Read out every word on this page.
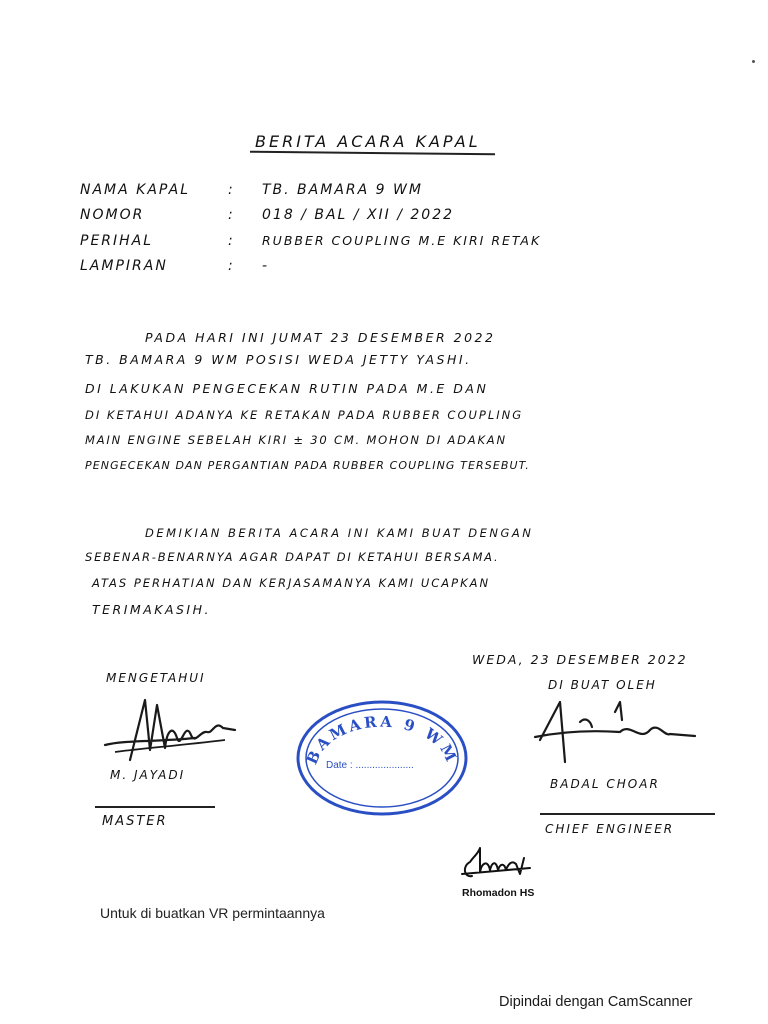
BERITA ACARA KAPAL
NAMA KAPAL	: TB. BAMARA 9 WM
NOMOR	: 018 / BAL / XII / 2022
PERIHAL	: RUBBER COUPLING M.E KIRI RETAK
LAMPIRAN	: -
PADA HARI INI JUMAT 23 DESEMBER 2022
TB. BAMARA 9 WM POSISI WEDA JETTY YASHI.
DI LAKUKAN PENGECEKAN RUTIN PADA M.E DAN
DI KETAHUI ADANYA KE RETAKAN PADA RUBBER COUPLING
MAIN ENGINE SEBELAH KIRI ± 30 CM. MOHON DI ADAKAN
PENGECEKAN DAN PERGANTIAN PADA RUBBER COUPLING TERSEBUT.
DEMIKIAN BERITA ACARA INI KAMI BUAT DENGAN
SEBENAR-BENARNYA AGAR DAPAT DI KETAHUI BERSAMA.
ATAS PERHATIAN DAN KERJASAMANYA KAMI UCAPKAN
TERIMAKASIH.
WEDA, 23 DESEMBER 2022
MENGETAHUI
M. JAYADI
MASTER
BAMARA 9 WM
Date : .....................
DI BUAT OLEH
BADAL CHOAR
CHIEF ENGINEER
Rhomadon HS
Untuk di buatkan VR permintaannya
Dipindai dengan CamScanner
